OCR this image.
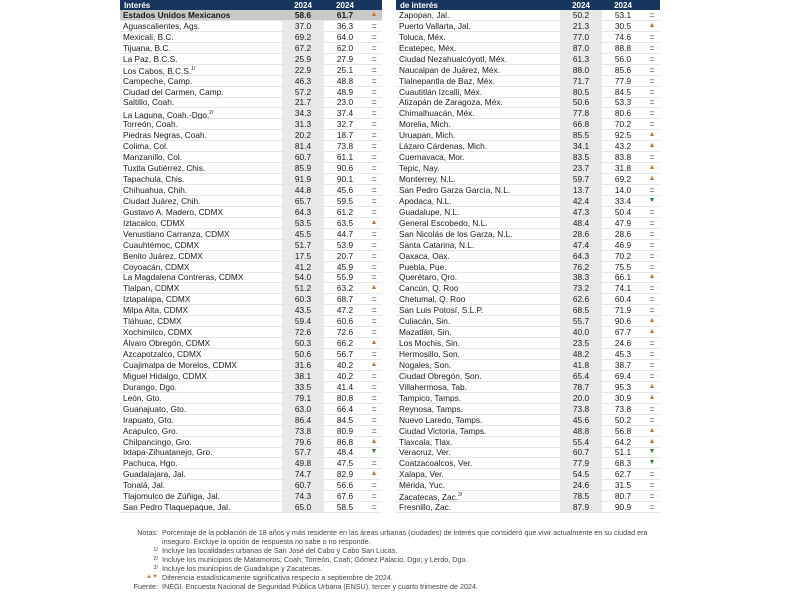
Interés	2024	2024
Estados Unidos Mexicanos	58.6	61.7	▲
Aguascalientes, Ags.	37.0	36.3	=
Mexicali, B.C.	69.2	64.0	=
Tijuana, B.C.	67.2	62.0	=
La Paz, B.C.S.	25.9	27.9	=
Los Cabos, B.C.S.$^{1/}$	22.9	25.1	=
Campeche, Camp.	46.3	48.8	=
Ciudad del Carmen, Camp.	57.2	48.9	=
Saltillo, Coah.	21.7	23.0	=
La Laguna, Coah.-Dgo.$^{2/}$	34.3	37.4	=
Torreón, Coah.	31.3	32.7	=
Piedras Negras, Coah.	20.2	18.7	=
Colima, Col.	81.4	73.8	=
Manzanillo, Col.	60.7	61.1	=
Tuxtla Gutiérrez, Chis.	85.9	90.6	=
Tapachula, Chis.	91.9	90.1	=
Chihuahua, Chih.	44.8	45.6	=
Ciudad Juárez, Chih.	65.7	59.5	=
Gustavo A. Madero, CDMX	64.3	61.2	=
Iztacalco, CDMX	53.5	63.5	▲
Venustiano Carranza, CDMX	45.5	44.7	=
Cuauhtémoc, CDMX	51.7	53.9	=
Benito Juárez, CDMX	17.5	20.7	=
Coyoacán, CDMX	41.2	45.9	=
La Magdalena Contreras, CDMX	54.0	55.9	=
Tlalpan, CDMX	51.2	63.2	▲
Iztapalapa, CDMX	60.3	68.7	=
Milpa Alta, CDMX	43.5	47.2	=
Tláhuac, CDMX	59.4	60.6	=
Xochimilco, CDMX	72.6	72.6	=
Álvaro Obregón, CDMX	50.3	66.2	▲
Azcapotzalco, CDMX	50.6	56.7	=
Cuajimalpa de Morelos, CDMX	31.6	40.2	▲
Miguel Hidalgo, CDMX	38.1	40.2	=
Durango, Dgo.	33.5	41.4	=
León, Gto.	79.1	80.8	=
Guanajuato, Gto.	63.0	66.4	=
Irapuato, Gto.	86.4	84.5	=
Acapulco, Gro.	73.8	80.9	=
Chilpancingo, Gro.	79.6	86.8	▲
Ixtapa-Zihuatanejo, Gro.	57.7	48.4	▼
Pachuca, Hgo.	49.8	47.5	=
Guadalajara, Jal.	74.7	82.9	▲
Tonalá, Jal.	60.7	56.6	=
Tlajomulco de Zúñiga, Jal.	74.3	67.6	=
San Pedro Tlaquepaque, Jal.	65.0	58.5	=
de interés	2024	2024
Zapopan, Jal.	50.2	53.1	=
Puerto Vallarta, Jal.	21.3	30.5	▲
Toluca, Méx.	77.0	74.6	=
Ecatepec, Méx.	87.0	88.8	=
Ciudad Nezahualcóyotl, Méx.	61.3	56.0	=
Naucalpan de Juárez, Méx.	88.0	85.6	=
Tlalnepantla de Baz, Méx.	71.7	77.9	=
Cuautitlán Izcalli, Méx.	80.5	84.5	=
Atizapán de Zaragoza, Méx.	50.6	53.3	=
Chimalhuacán, Méx.	77.8	80.6	=
Morelia, Mich.	66.8	70.2	=
Uruapan, Mich.	85.5	92.5	▲
Lázaro Cárdenas, Mich.	34.1	43.2	▲
Cuernavaca, Mor.	83.5	83.8	=
Tepic, Nay.	23.7	31.8	▲
Monterrey, N.L.	59.7	69.2	▲
San Pedro Garza García, N.L.	13.7	14.0	=
Apodaca, N.L.	42.4	33.4	▼
Guadalupe, N.L.	47.3	50.4	=
General Escobedo, N.L.	48.4	47.9	=
San Nicolás de los Garza, N.L.	28.6	28.6	=
Santa Catarina, N.L.	47.4	46.9	=
Oaxaca, Oax.	64.3	70.2	=
Puebla, Pue.	76.2	75.5	=
Querétaro, Qro.	38.3	66.1	▲
Cancún, Q. Roo	73.2	74.1	=
Chetumal, Q. Roo	62.6	60.4	=
San Luis Potosí, S.L.P.	68.5	71.9	=
Culiacán, Sin.	55.7	90.6	▲
Mazatlán, Sin.	40.0	67.7	▲
Los Mochis, Sin.	23.5	24.6	=
Hermosillo, Son.	48.2	45.3	=
Nogales, Son.	41.8	38.7	=
Ciudad Obregón, Son.	65.4	69.4	=
Villahermosa, Tab.	78.7	95.3	▲
Tampico, Tamps.	20.0	30.9	▲
Reynosa, Tamps.	73.8	73.8	=
Nuevo Laredo, Tamps.	45.6	50.2	=
Ciudad Victoria, Tamps.	48.8	56.8	▲
Tlaxcala, Tlax.	55.4	64.2	▲
Veracruz, Ver.	60.7	51.1	▼
Coatzacoalcos, Ver.	77.9	68.3	▼
Xalapa, Ver.	54.5	62.7	=
Mérida, Yuc.	24.6	31.5	=
Zacatecas, Zac.$^{3/}$	78.5	80.7	=
Fresnillo, Zac.	87.9	90.9	=
Notas: Porcentaje de la población de 18 años y más residente en las áreas urbanas (ciudades) de interés que consideró que vivir actualmente en su ciudad era inseguro. Excluye la opción de respuesta no sabe o no responde.
1/ Incluye las localidades urbanas de San José del Cabo y Cabo San Lucas.
2/ Incluye los municipios de Matamoros, Coah; Torreón, Coah; Gómez Palacio, Dgo; y Lerdo, Dgo.
3/ Incluye los municipios de Guadalupe y Zacatecas.
▲▼ Diferencia estadísticamente significativa respecto a septiembre de 2024.
Fuente: INEGI. Encuesta Nacional de Seguridad Pública Urbana (ENSU), tercer y cuarto trimestre de 2024.
